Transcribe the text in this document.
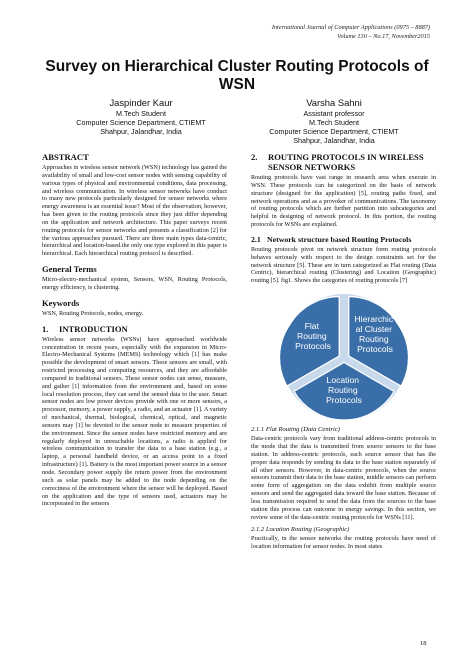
International Journal of Computer Applications (0975 – 8887)
Volume 130 – No.17, November2015
Survey on Hierarchical Cluster Routing Protocols of WSN
Jaspinder Kaur
M.Tech Student
Computer Science Department, CTIEMT
Shahpur, Jalandhar, India
Varsha Sahni
Assistant professor
M.Tech Student
Computer Science Department, CTIEMT
Shahpur, Jalandhar, India
ABSTRACT

Approaches in wireless sensor network (WSN) technology has gained the availability of small and low-cost sensor nodes with sensing capability of various types of physical and environmental conditions, data processing, and wireless communication. In wireless sensor networks have conduct to many new protocols particularly designed for sensor networks where energy awareness is an essential issue? Most of the observation, however, has been given to the routing protocols since they just differ depending on the application and network architecture. This paper surveys recent routing protocols for sensor networks and presents a classification [2] for the various approaches pursued. There are three main types data-centric, hierarchical and location-based.the only one type explored in this paper is hierarchical. Each hierarchical routing protocol is described.

General Terms

Micro-electro-mechanical system, Sensors, WSN, Routing Protocols, energy efficiency, is clustering.

Keywords

WSN, Routing Protocols, nodes, energy.

1.	INTRODUCTION

Wireless sensor networks (WSNs) have approached worldwide concentration in recent years, especially with the expansion in Micro-Electro-Mechanical Systems (MEMS) technology which [1] has make possible the development of smart sensors. These sensors are small, with restricted processing and computing resources, and they are affordable compared to traditional sensors. These sensor nodes can sense, measure, and gather [1] information from the environment and, based on some local resolution process, they can send the sensed data to the user. Smart sensor nodes are low power devices provide with one or more sensors, a processor, memory, a power supply, a radio, and an actuator [1]. A variety of mechanical, thermal, biological, chemical, optical, and magnetic sensors may [1] be devoted to the sensor node to measure properties of the environment. Since the sensor nodes have restricted memory and are regularly deployed in unreachable locations, a radio is applied for wireless communication to transfer the data to a base station (e.g., a laptop, a personal handheld device, or an access point to a fixed infrastructure) [1]. Battery is the most important power source in a sensor node. Secondary power supply the return power from the environment such as solar panels may be added to the node depending on the correctness of the environment where the sensor will be deployed. Based on the application and the type of sensors used, actuators may be incorporated in the sensors

2.	ROUTING PROTOCOLS IN WIRELESS SENSOR NETWORKS

Routing protocols have vast range in research area when execute in WSN. These protocols can be categorized on the basis of network structure (designed for the application) [5], routing paths fixed, and network operations and as a provoker of communications. The taxonomy of routing protocols which are further partition into subcategories and helpful in designing of network protocol. In this portion, the routing protocols for WSNs are explained.

2.1 Network structure based Routing Protocols

Routing protocols pivot on network structure form routing protocols behaves seriously with respect to the design constraints set for the network structure [5]. These are in turn categorized as Flat routing (Data Centric), hierarchical routing (Clustering) and Location (Geographic) routing [5]. fig1. Shows the categories of routing protocols [7]

Flat Routing Protocols
Hierarchic al Cluster Routing Protocols
Location Routing Protocols
2.1.1 Flat Routing (Data Centric)

Data-centric protocols vary from traditional address-centric protocols in the mode that the data is transmitted from source sensors to the base station. In address-centric protocols, each source sensor that has the proper data responds by sending its data to the base station separately of all other sensors. However, in data-centric protocols, when the source sensors transmit their data to the base station, middle sensors can perform some form of aggregation on the data exhibit from multiple source sensors and send the aggregated data toward the base station. Because of less transmission required to send the data from the sources to the base station this process can outcome in energy savings. In this section, we review some of the data-centric routing protocols for WSNs [11].

2.1.2 Location Routing (Geographic)

Practically, in the sensor networks the routing protocols have need of location information for sensor nodes. In most states

18
